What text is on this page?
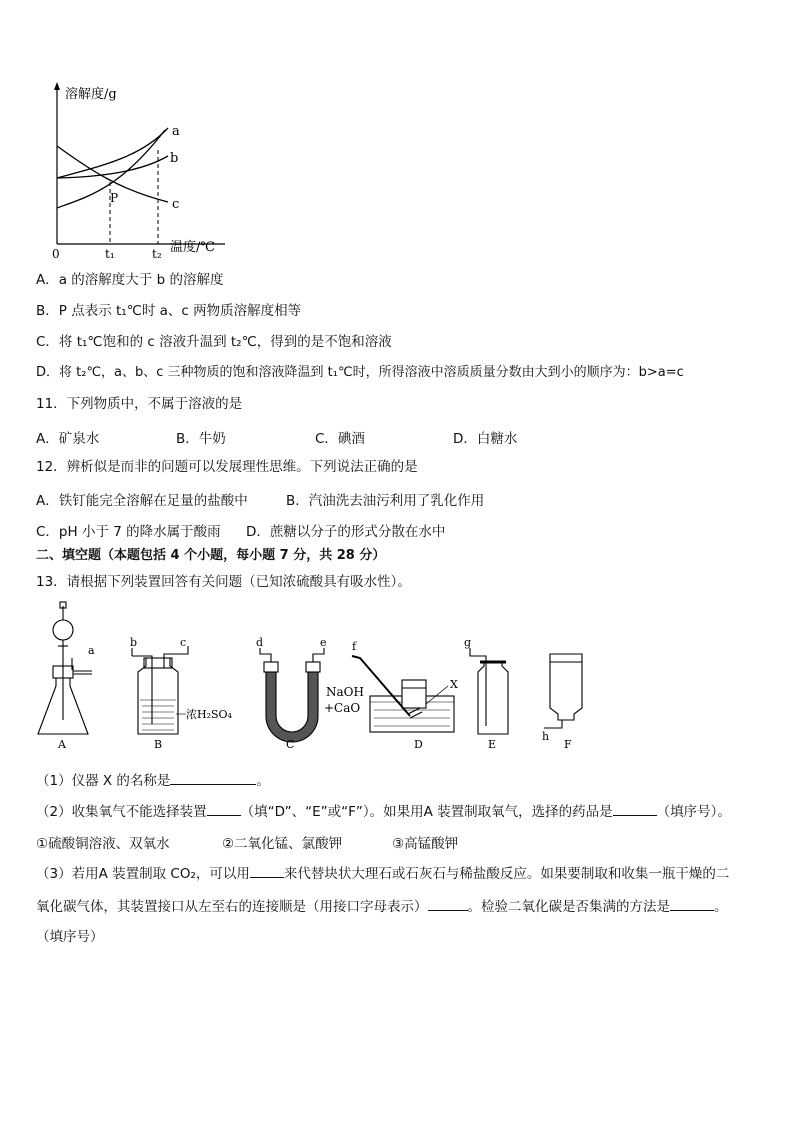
溶解度/g
0	t₁	t₂ 温度/℃
P
a
b
c
A．a 的溶解度大于 b 的溶解度
B．P 点表示 t₁℃时 a、c 两物质溶解度相等
C．将 t₁℃饱和的 c 溶液升温到 t₂℃，得到的是不饱和溶液
D．将 t₂℃，a、b、c 三种物质的饱和溶液降温到 t₁℃时，所得溶液中溶质质量分数由大到小的顺序为：b>a=c
11．下列物质中，不属于溶液的是
A．矿泉水	B．牛奶	C．碘酒	D．白糖水
12．辨析似是而非的问题可以发展理性思维。下列说法正确的是
A．铁钉能完全溶解在足量的盐酸中	B．汽油洗去油污利用了乳化作用
C．pH 小于 7 的降水属于酸雨 D．蔗糖以分子的形式分散在水中
二、填空题（本题包括 4 个小题，每小题 7 分，共 28 分）
13．请根据下列装置回答有关问题（已知浓硫酸具有吸水性）。
a
A
b	c
浓H₂SO₄
B
d	e
NaOH
+CaO
C
f
X
D
g
E
h
F
（1）仪器 X 的名称是	。
（2）收集氧气不能选择装置	（填“D”、“E”或“F”）。如果用A 装置制取氧气，选择的药品是	（填序号）。
①硫酸铜溶液、双氧水	②二氧化锰、氯酸钾	③高锰酸钾
（3）若用A 装置制取 CO₂，可以用	来代替块状大理石或石灰石与稀盐酸反应。如果要制取和收集一瓶干燥的二
氧化碳气体，其装置接口从左至右的连接顺是（用接口字母表示）	。检验二氧化碳是否集满的方法是	。
（填序号）
